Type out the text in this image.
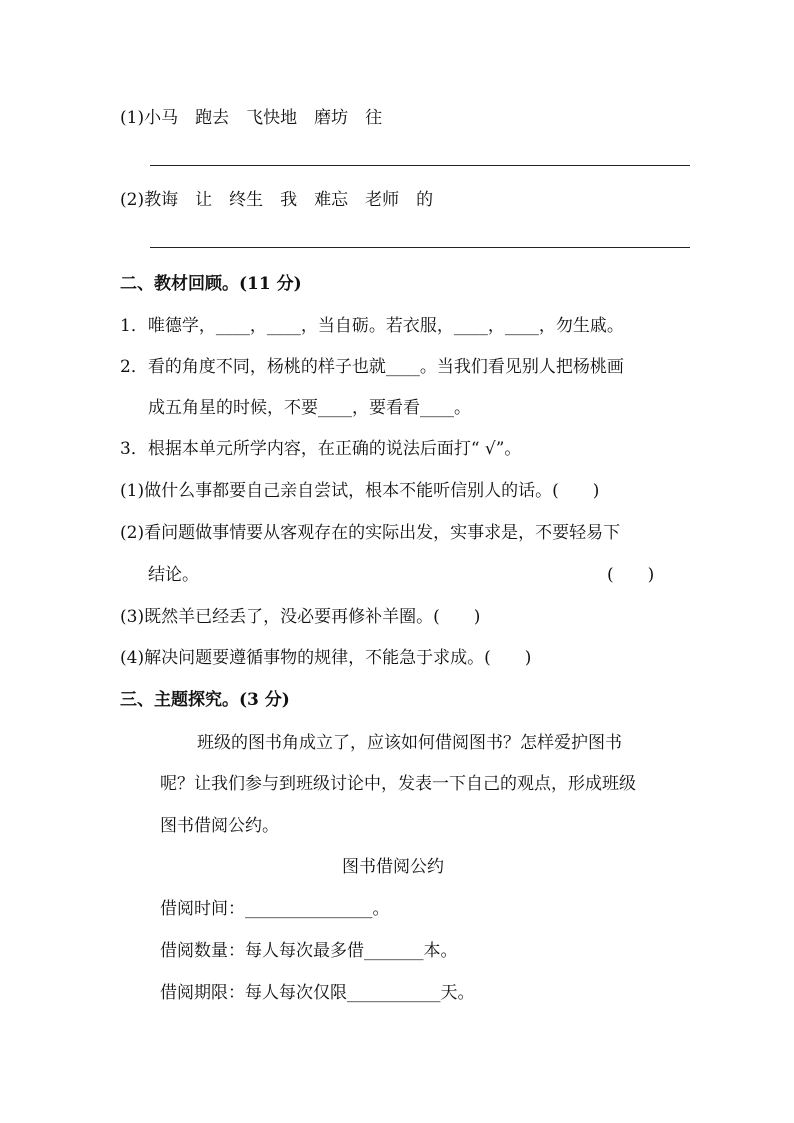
(1)小马　跑去　飞快地　磨坊　往
(2)教诲　让　终生　我　难忘　老师　的
二、教材回顾。(11 分)
1．唯德学，____，____，当自砺。若衣服，____，____，勿生戚。
2．看的角度不同，杨桃的样子也就____。当我们看见别人把杨桃画
成五角星的时候，不要____，要看看____。
3．根据本单元所学内容，在正确的说法后面打“ √”。
(1)做什么事都要自己亲自尝试，根本不能听信别人的话。(　　)
(2)看问题做事情要从客观存在的实际出发，实事求是，不要轻易下
结论。	(　　)
(3)既然羊已经丢了，没必要再修补羊圈。(　　)
(4)解决问题要遵循事物的规律，不能急于求成。(　　)
三、主题探究。(3 分)
班级的图书角成立了，应该如何借阅图书？怎样爱护图书
呢？让我们参与到班级讨论中，发表一下自己的观点，形成班级
图书借阅公约。
图书借阅公约
借阅时间：_______________。
借阅数量：每人每次最多借_______本。
借阅期限：每人每次仅限___________天。
